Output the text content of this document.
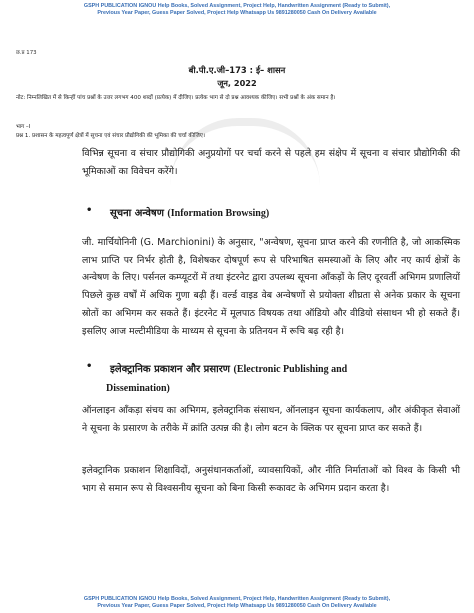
GSPH PUBLICATION IGNOU Help Books, Solved Assignment, Project Help, Handwritten Assignment (Ready to Submit),
Previous Year Paper, Guess Paper Solved, Project Help Whatsapp Us 9891280050 Cash On Delivery Available
छ.प्र 173
बी.पी.ए.जी–173 : ई– शासन
जून, 2022
नोट: निम्नलिखित में से किन्हीं पांच प्रश्नों के उत्तर लगभग 400 शब्दों (प्रत्येक) में दीजिए। प्रत्येक भाग से दो प्रश्न आवश्यक कीजिए। सभी प्रश्नों के अंक समान है।
भाग –I
प्रश्न 1. प्रशासन के महत्वपूर्ण क्षेत्रों में सूचना एवं संचार प्रौद्योगिकी की भूमिका की चर्चा कीजिए।
विभिन्न सूचना व संचार प्रौद्योगिकी अनुप्रयोगों पर चर्चा करने से पहले हम संक्षेप में सूचना व संचार प्रौद्योगिकी की भूमिकाओं का विवेचन करेंगे।
• सूचना अन्वेषण (Information Browsing)
जी. मार्चियोनिनी (G. Marchionini) के अनुसार, "अन्वेषण, सूचना प्राप्त करने की रणनीति है, जो आकस्मिक लाभ प्राप्ति पर निर्भर होती है, विशेषकर दोषपूर्ण रूप से परिभाषित समस्याओं के लिए और नए कार्य क्षेत्रों के अन्वेषण के लिए। पर्सनल कम्प्यूटरों में तथा इंटरनेट द्वारा उपलब्ध सूचना आँकड़ों के लिए दूरवर्ती अभिगम प्रणालियों पिछले कुछ वर्षों में अधिक गुणा बढ़ी हैं। वर्ल्ड वाइड वेब अन्वेषणों से प्रयोक्ता शीघ्रता से अनेक प्रकार के सूचना स्रोतों का अभिगम कर सकते हैं। इंटरनेट में मूलपाठ विषयक तथा ऑडियो और वीडियो संसाधन भी हो सकते हैं। इसलिए आज मल्टीमीडिया के माध्यम से सूचना के प्रतिनयन में रूचि बढ़ रही है।
• इलेक्ट्रानिक प्रकाशन और प्रसारण (Electronic Publishing and
Dissemination)
ऑनलाइन आँकड़ा संचय का अभिगम, इलेक्ट्रानिक संसाधन, ऑनलाइन सूचना कार्यकलाप, और अंकीकृत सेवाओं ने सूचना के प्रसारण के तरीके में क्रांति उत्पन्न की है। लोग बटन के क्लिक पर सूचना प्राप्त कर सकते हैं।
इलेक्ट्रानिक प्रकाशन शिक्षाविदों, अनुसंधानकर्ताओं, व्यावसायिकों, और नीति निर्माताओं को विश्व के किसी भी भाग से समान रूप से विश्वसनीय सूचना को बिना किसी रूकावट के अभिगम प्रदान करता है।
GSPH PUBLICATION IGNOU Help Books, Solved Assignment, Project Help, Handwritten Assignment (Ready to Submit),
Previous Year Paper, Guess Paper Solved, Project Help Whatsapp Us 9891280050 Cash On Delivery Available
